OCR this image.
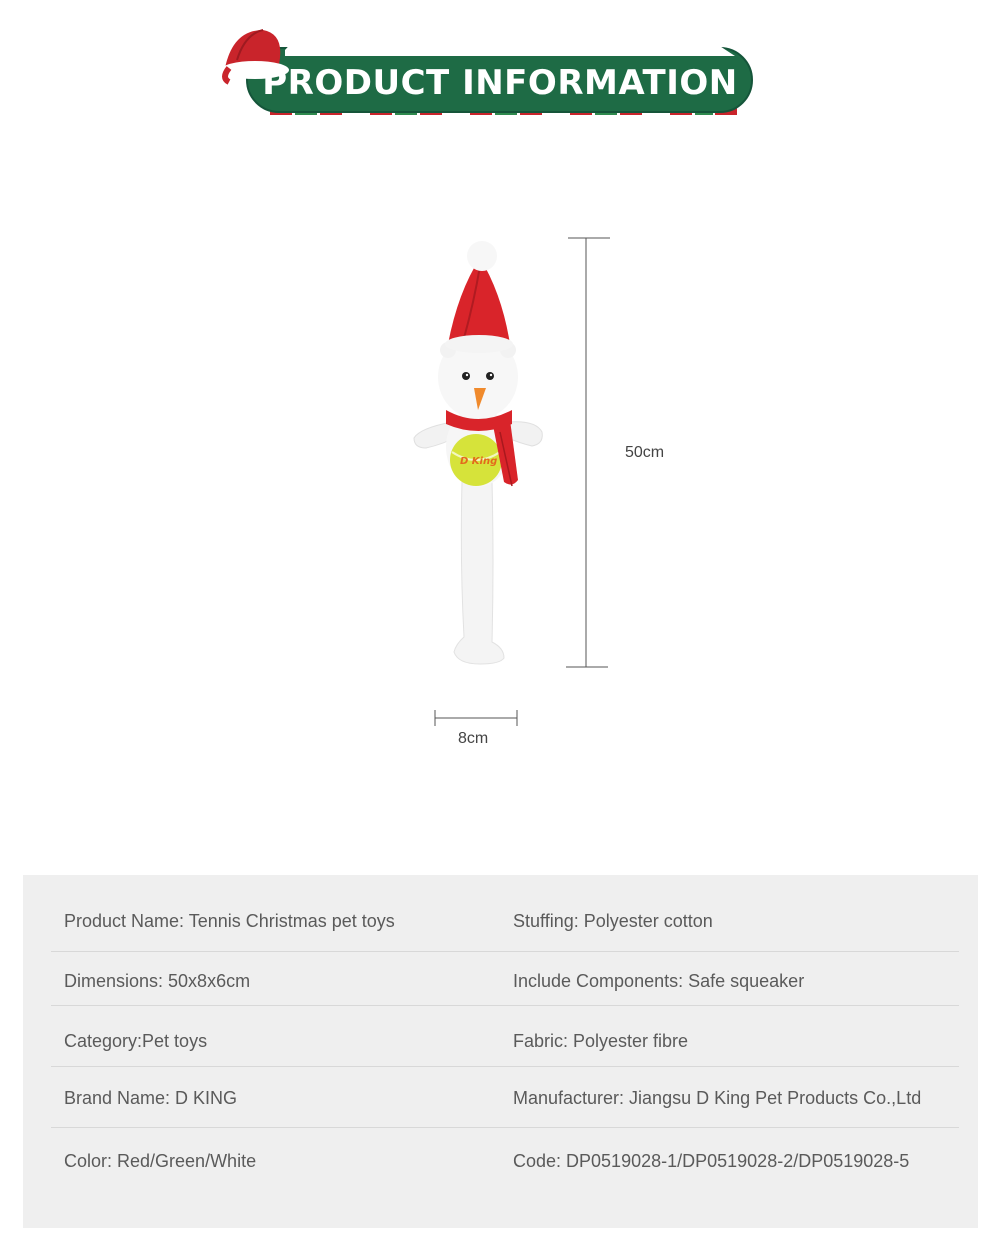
PRODUCT INFORMATION
D King
50cm
8cm
Product Name: Tennis Christmas pet toys	Stuffing: Polyester cotton
Dimensions: 50x8x6cm	Include Components: Safe squeaker
Category:Pet toys	Fabric: Polyester fibre
Brand Name: D KING	Manufacturer: Jiangsu D King Pet Products Co.,Ltd
Color: Red/Green/White	Code: DP0519028-1/DP0519028-2/DP0519028-5
